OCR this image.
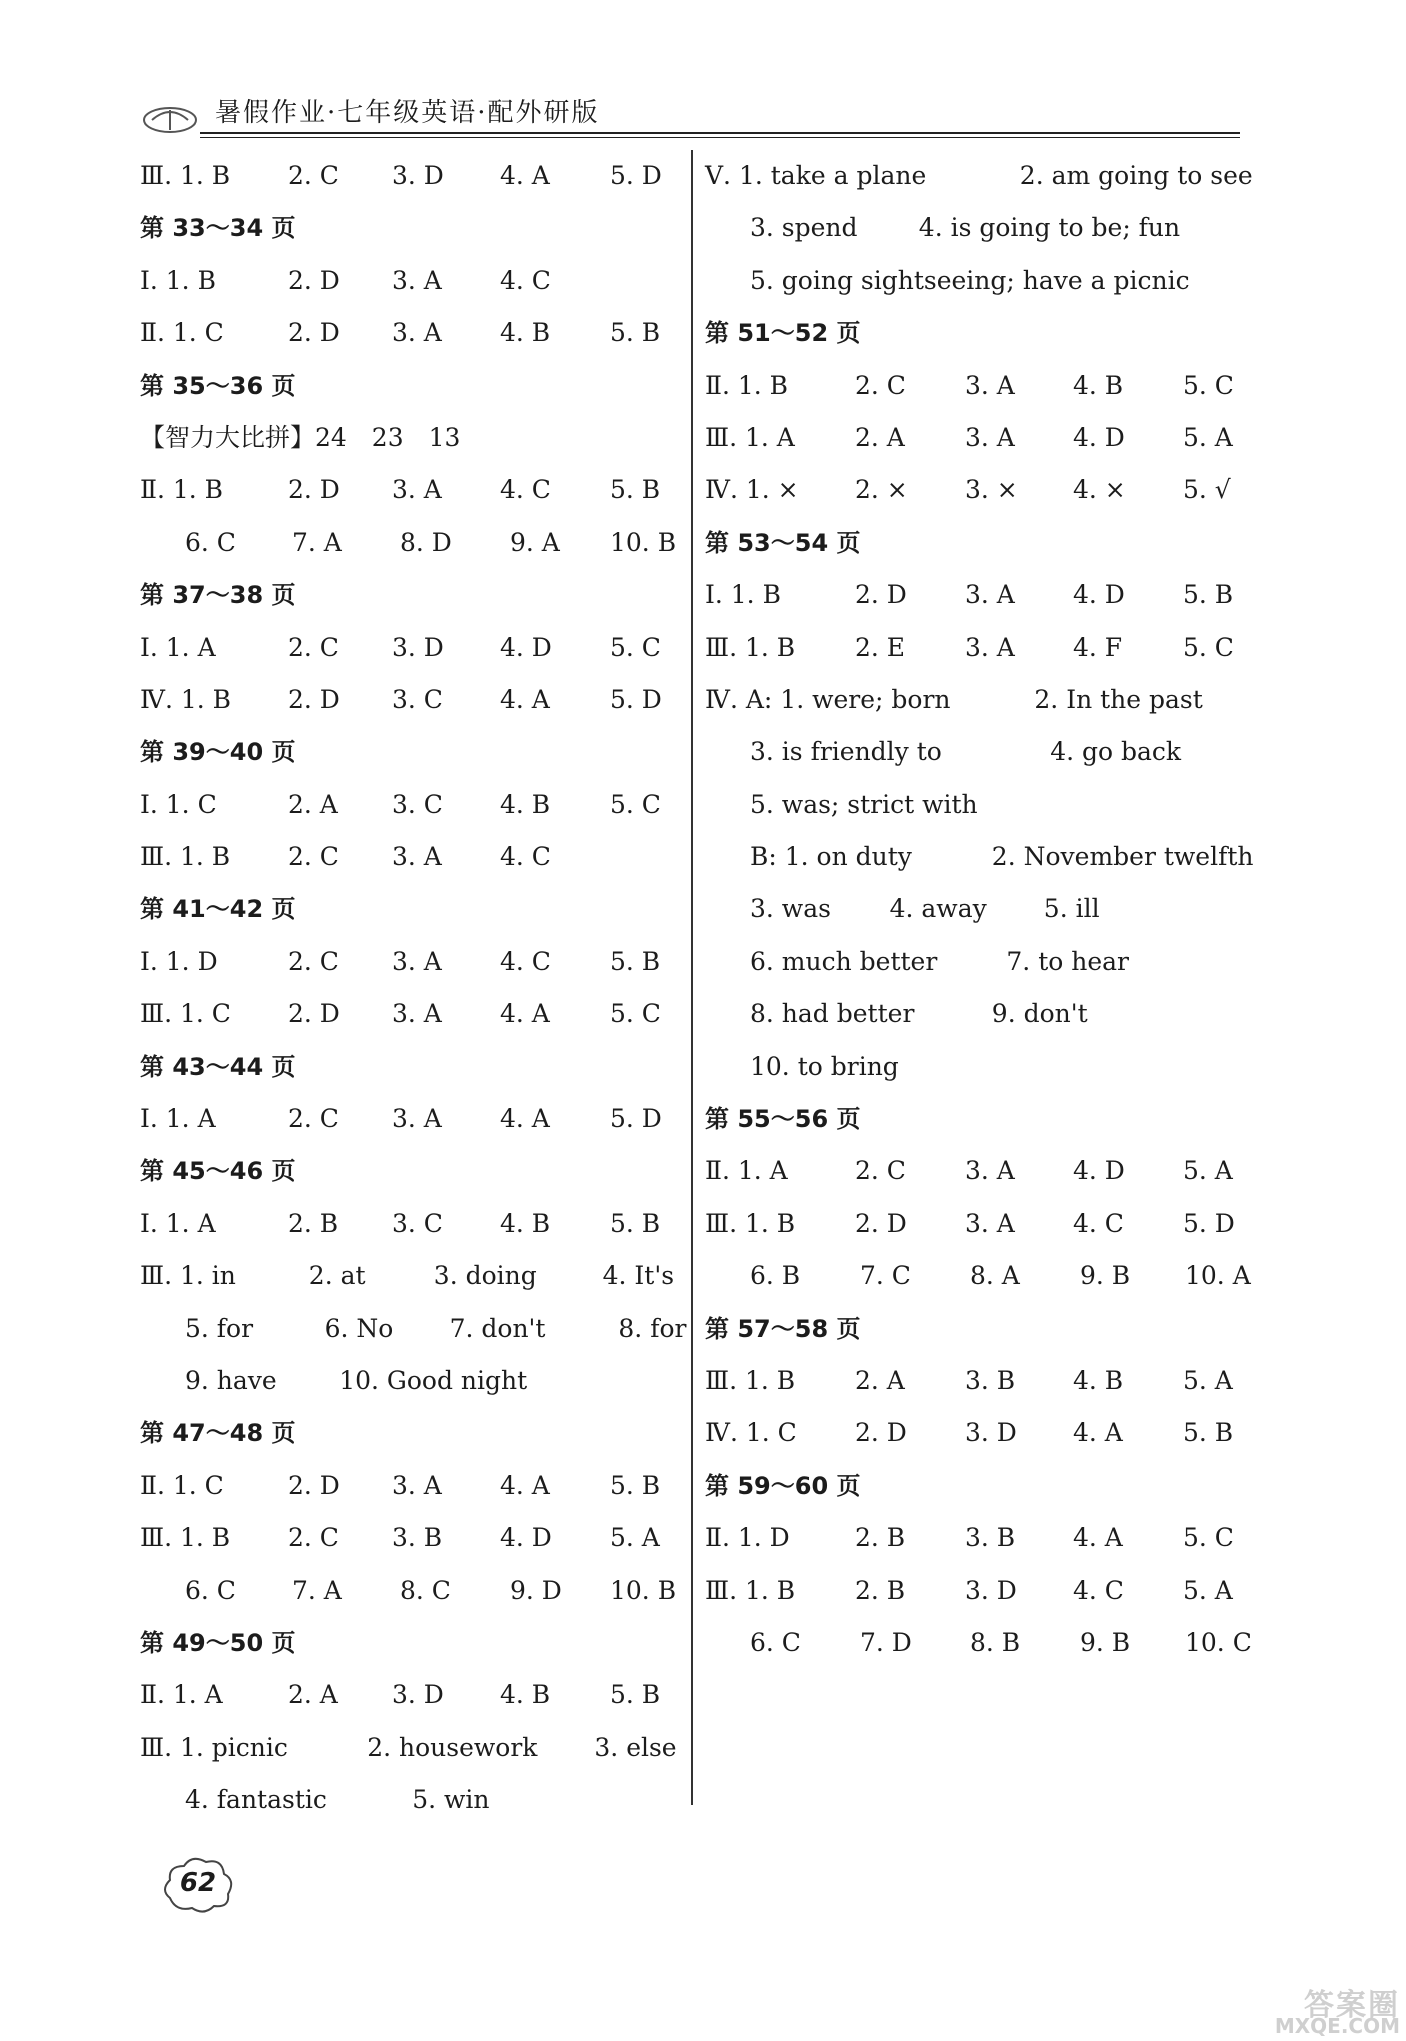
暑假作业·七年级英语·配外研版
Ⅲ. 1. B 2. C 3. D 4. A 5. D
第 33～34 页
Ⅰ. 1. B	2. D 3. A 4. C
Ⅱ. 1. C	2. D 3. A 4. B 5. B
第 35～36 页
【智力大比拼】24　23　13
Ⅱ. 1. B	2. D 3. A 4. C 5. B
6. C 7. A 8. D 9. A 10. B
第 37～38 页
Ⅰ. 1. A	2. C 3. D 4. D 5. C
Ⅳ. 1. B 2. D 3. C 4. A 5. D
第 39～40 页
Ⅰ. 1. C	2. A 3. C 4. B 5. C
Ⅲ. 1. B 2. C 3. A 4. C
第 41～42 页
Ⅰ. 1. D	2. C 3. A 4. C 5. B
Ⅲ. 1. C 2. D 3. A 4. A 5. C
第 43～44 页
Ⅰ. 1. A	2. C 3. A 4. A 5. D
第 45～46 页
Ⅰ. 1. A	2. B 3. C 4. B 5. B
Ⅲ. 1. in	2. at	3. doing	4. It's
5. for	6. No 7. don't	8. for
9. have 10. Good night
第 47～48 页
Ⅱ. 1. C	2. D 3. A 4. A 5. B
Ⅲ. 1. B 2. C 3. B 4. D 5. A
6. C 7. A 8. C 9. D 10. B
第 49～50 页
Ⅱ. 1. A	2. A 3. D 4. B 5. B
Ⅲ. 1. picnic	2. housework 3. else
4. fantastic	5. win
Ⅴ. 1. take a plane	2. am going to see
3. spend 4. is going to be; fun
5. going sightseeing; have a picnic
第 51～52 页
Ⅱ. 1. B	2. C 3. A 4. B 5. C
Ⅲ. 1. A 2. A 3. A 4. D 5. A
Ⅳ. 1. × 2. × 3. × 4. × 5. √
第 53～54 页
Ⅰ. 1. B	2. D 3. A 4. D 5. B
Ⅲ. 1. B 2. E 3. A 4. F 5. C
Ⅳ. A: 1. were; born	2. In the past
3. is friendly to	4. go back
5. was; strict with
B: 1. on duty	2. November twelfth
3. was 4. away 5. ill
6. much better	7. to hear
8. had better	9. don't
10. to bring
第 55～56 页
Ⅱ. 1. A	2. C 3. A 4. D 5. A
Ⅲ. 1. B 2. D 3. A 4. C 5. D
6. B 7. C 8. A 9. B 10. A
第 57～58 页
Ⅲ. 1. B 2. A 3. B 4. B 5. A
Ⅳ. 1. C 2. D 3. D 4. A 5. B
第 59～60 页
Ⅱ. 1. D	2. B 3. B 4. A 5. C
Ⅲ. 1. B 2. B 3. D 4. C 5. A
6. C 7. D 8. B 9. B 10. C
62
答案圈
MXQE.COM
